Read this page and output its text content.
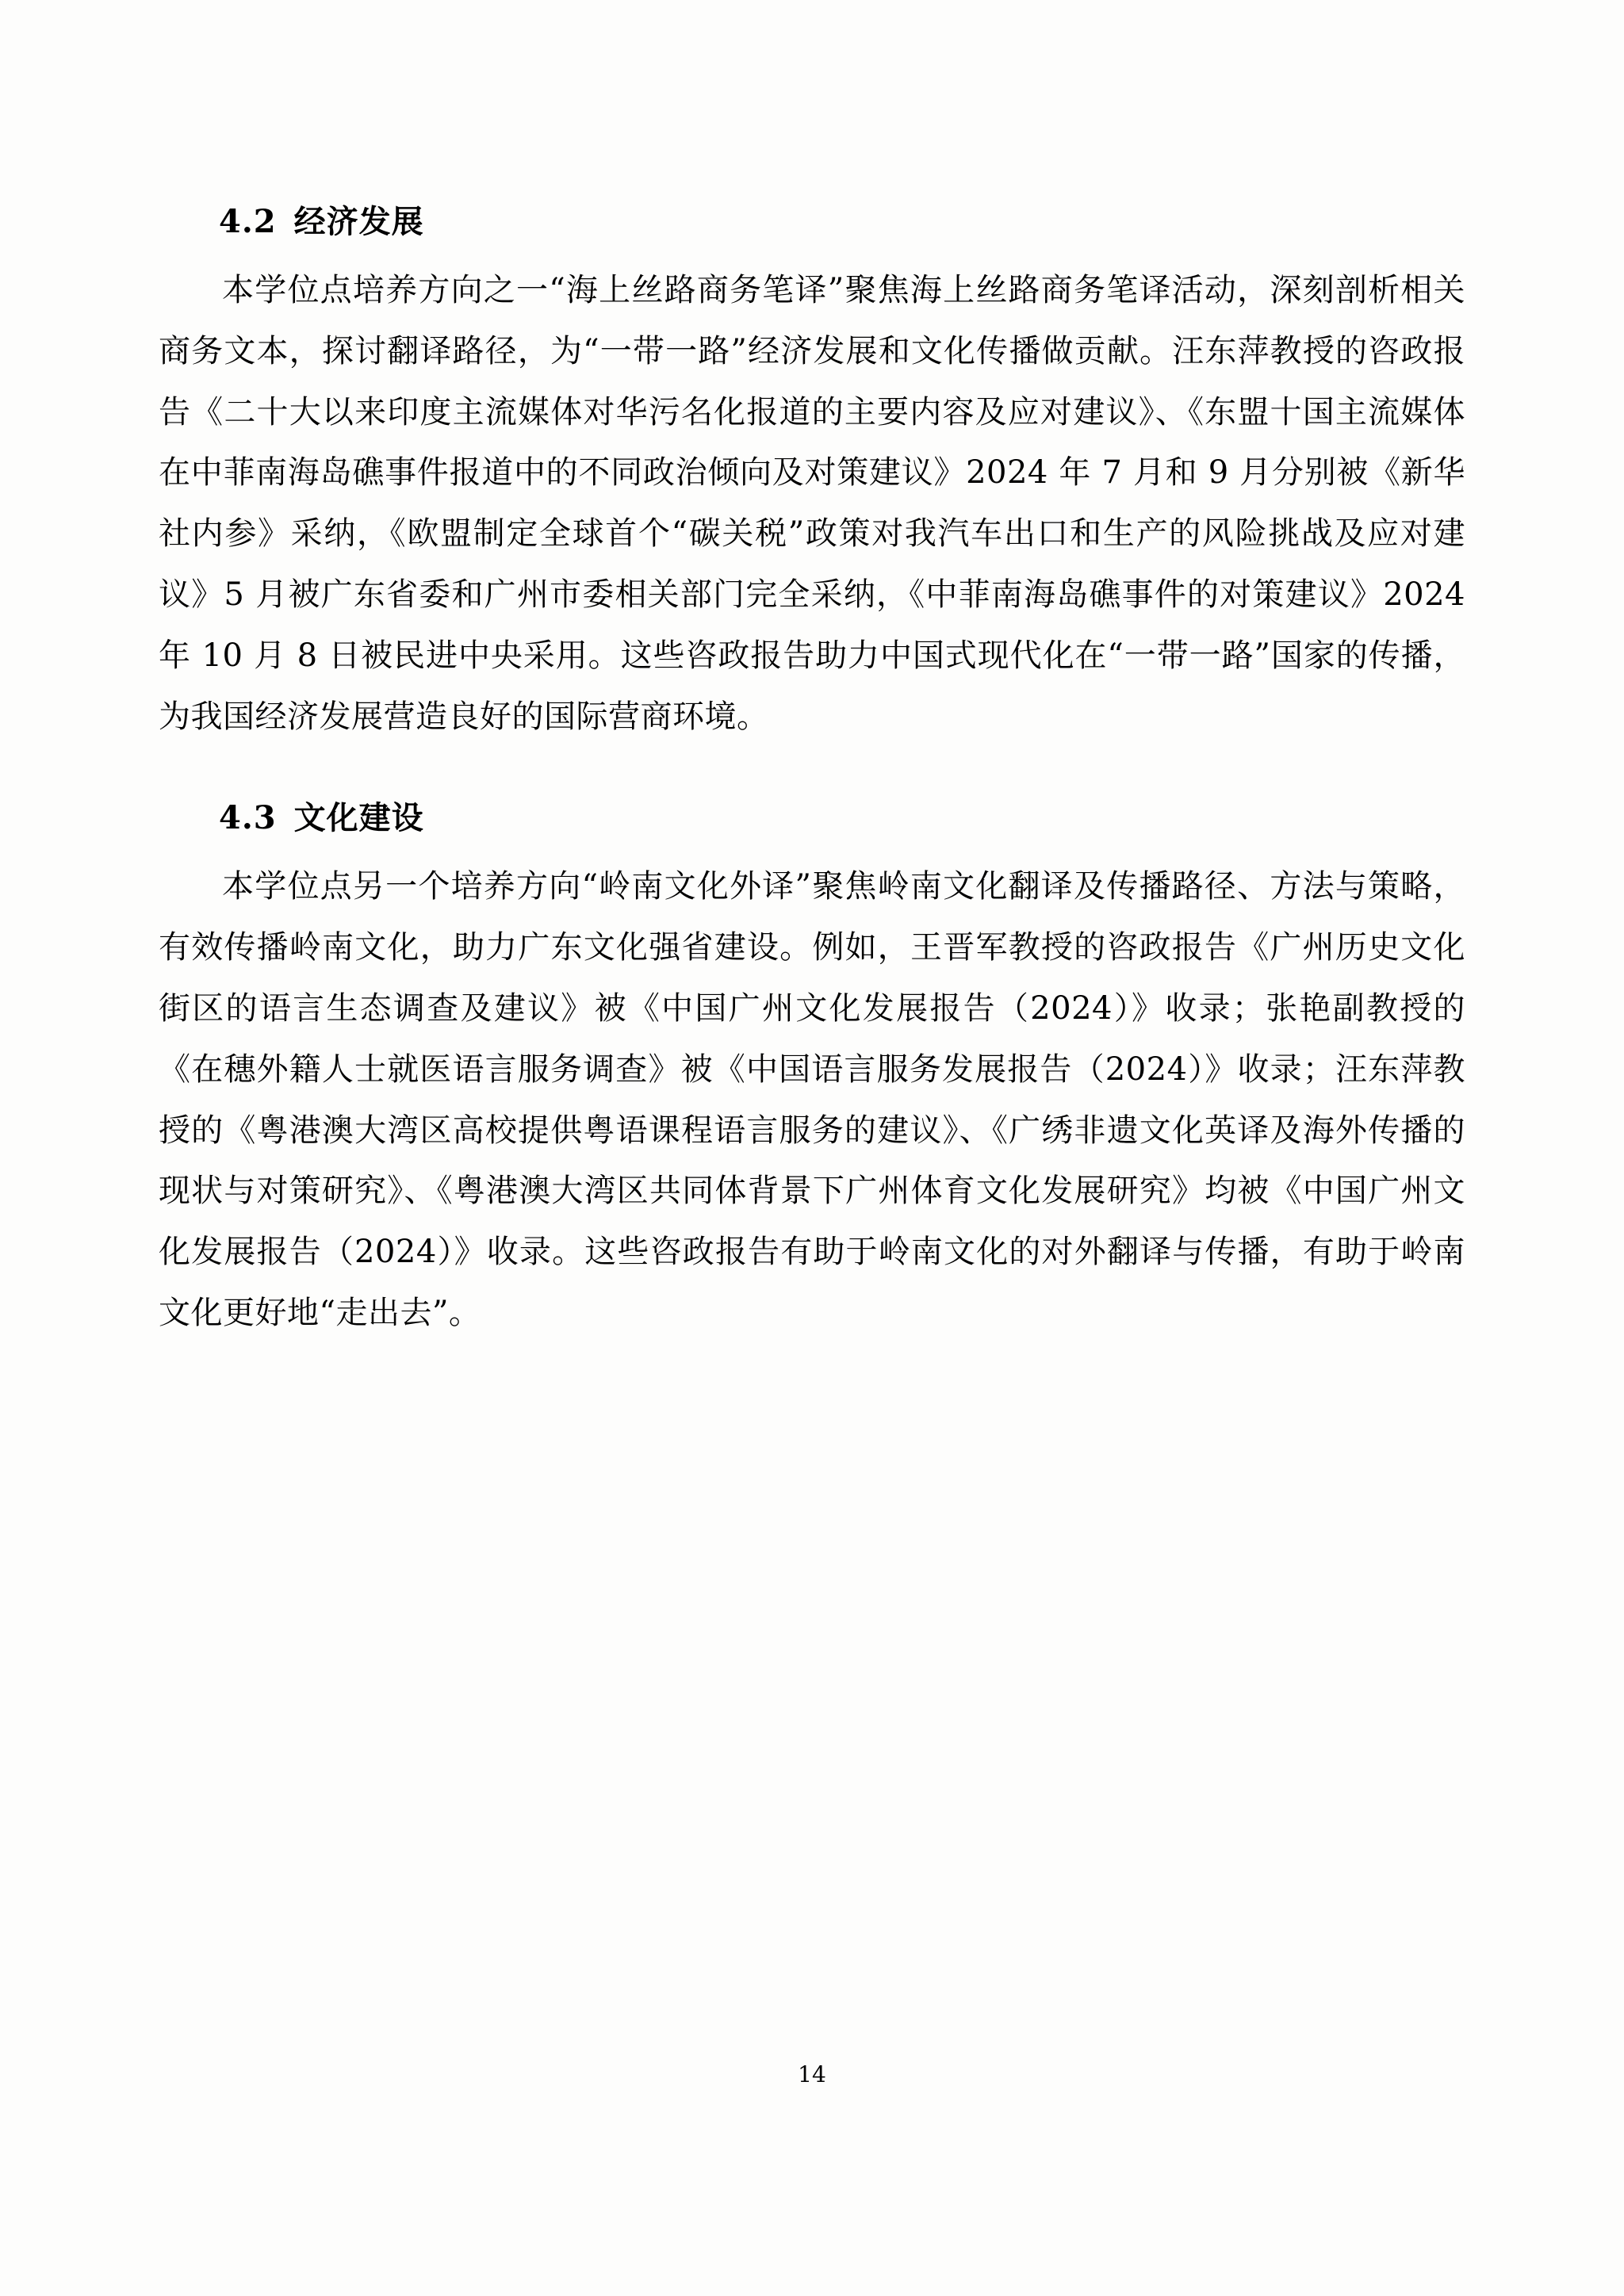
4.2 经济发展

本学位点培养方向之一“海上丝路商务笔译”聚焦海上丝路商务笔译活动，深刻剖析相关商务文本，探讨翻译路径，为“一带一路”经济发展和文化传播做贡献。汪东萍教授的咨政报告《二十大以来印度主流媒体对华污名化报道的主要内容及应对建议》、《东盟十国主流媒体在中菲南海岛礁事件报道中的不同政治倾向及对策建议》2024 年 7 月和 9 月分别被《新华社内参》采纳，《欧盟制定全球首个“碳关税”政策对我汽车出口和生产的风险挑战及应对建议》5 月被广东省委和广州市委相关部门完全采纳，《中菲南海岛礁事件的对策建议》2024 年 10 月 8 日被民进中央采用。这些咨政报告助力中国式现代化在“一带一路”国家的传播，为我国经济发展营造良好的国际营商环境。

4.3 文化建设

本学位点另一个培养方向“岭南文化外译”聚焦岭南文化翻译及传播路径、方法与策略，有效传播岭南文化，助力广东文化强省建设。例如，王晋军教授的咨政报告《广州历史文化街区的语言生态调查及建议》被《中国广州文化发展报告（2024）》收录；张艳副教授的《在穗外籍人士就医语言服务调查》被《中国语言服务发展报告（2024）》收录；汪东萍教授的《粤港澳大湾区高校提供粤语课程语言服务的建议》、《广绣非遗文化英译及海外传播的现状与对策研究》、《粤港澳大湾区共同体背景下广州体育文化发展研究》均被《中国广州文化发展报告（2024）》收录。这些咨政报告有助于岭南文化的对外翻译与传播，有助于岭南文化更好地“走出去”。

14
